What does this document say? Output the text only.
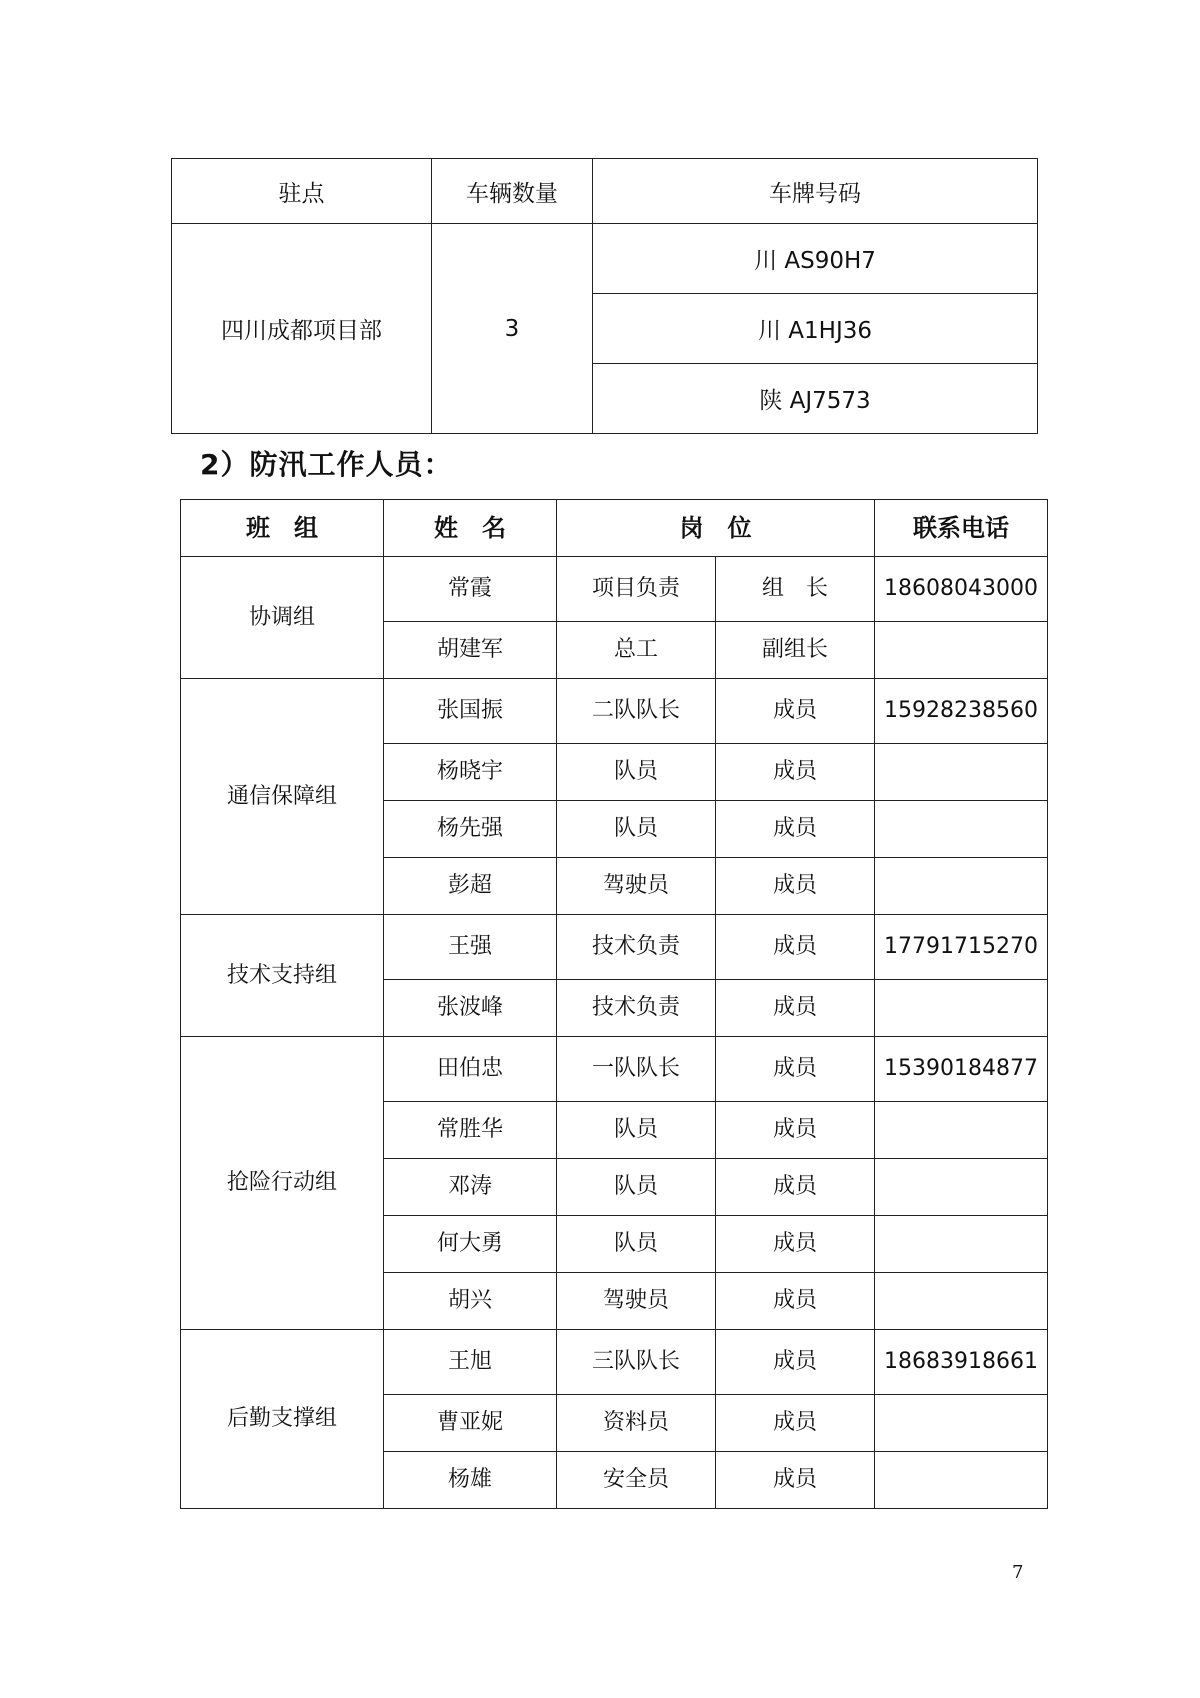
驻点	车辆数量	车牌号码
四川成都项目部	3	川 AS90H7
		川 A1HJ36
		陕 AJ7573
2）防汛工作人员：
班　组	姓　名	岗　位		联系电话
协调组	常霞	项目负责	组　长	18608043000
	胡建军	总工	副组长	
通信保障组	张国振	二队队长	成员	15928238560
	杨晓宇	队员	成员	
	杨先强	队员	成员	
	彭超	驾驶员	成员	
技术支持组	王强	技术负责	成员	17791715270
	张波峰	技术负责	成员	
抢险行动组	田伯忠	一队队长	成员	15390184877
	常胜华	队员	成员	
	邓涛	队员	成员	
	何大勇	队员	成员	
	胡兴	驾驶员	成员	
后勤支撑组	王旭	三队队长	成员	18683918661
	曹亚妮	资料员	成员	
	杨雄	安全员	成员	
7
